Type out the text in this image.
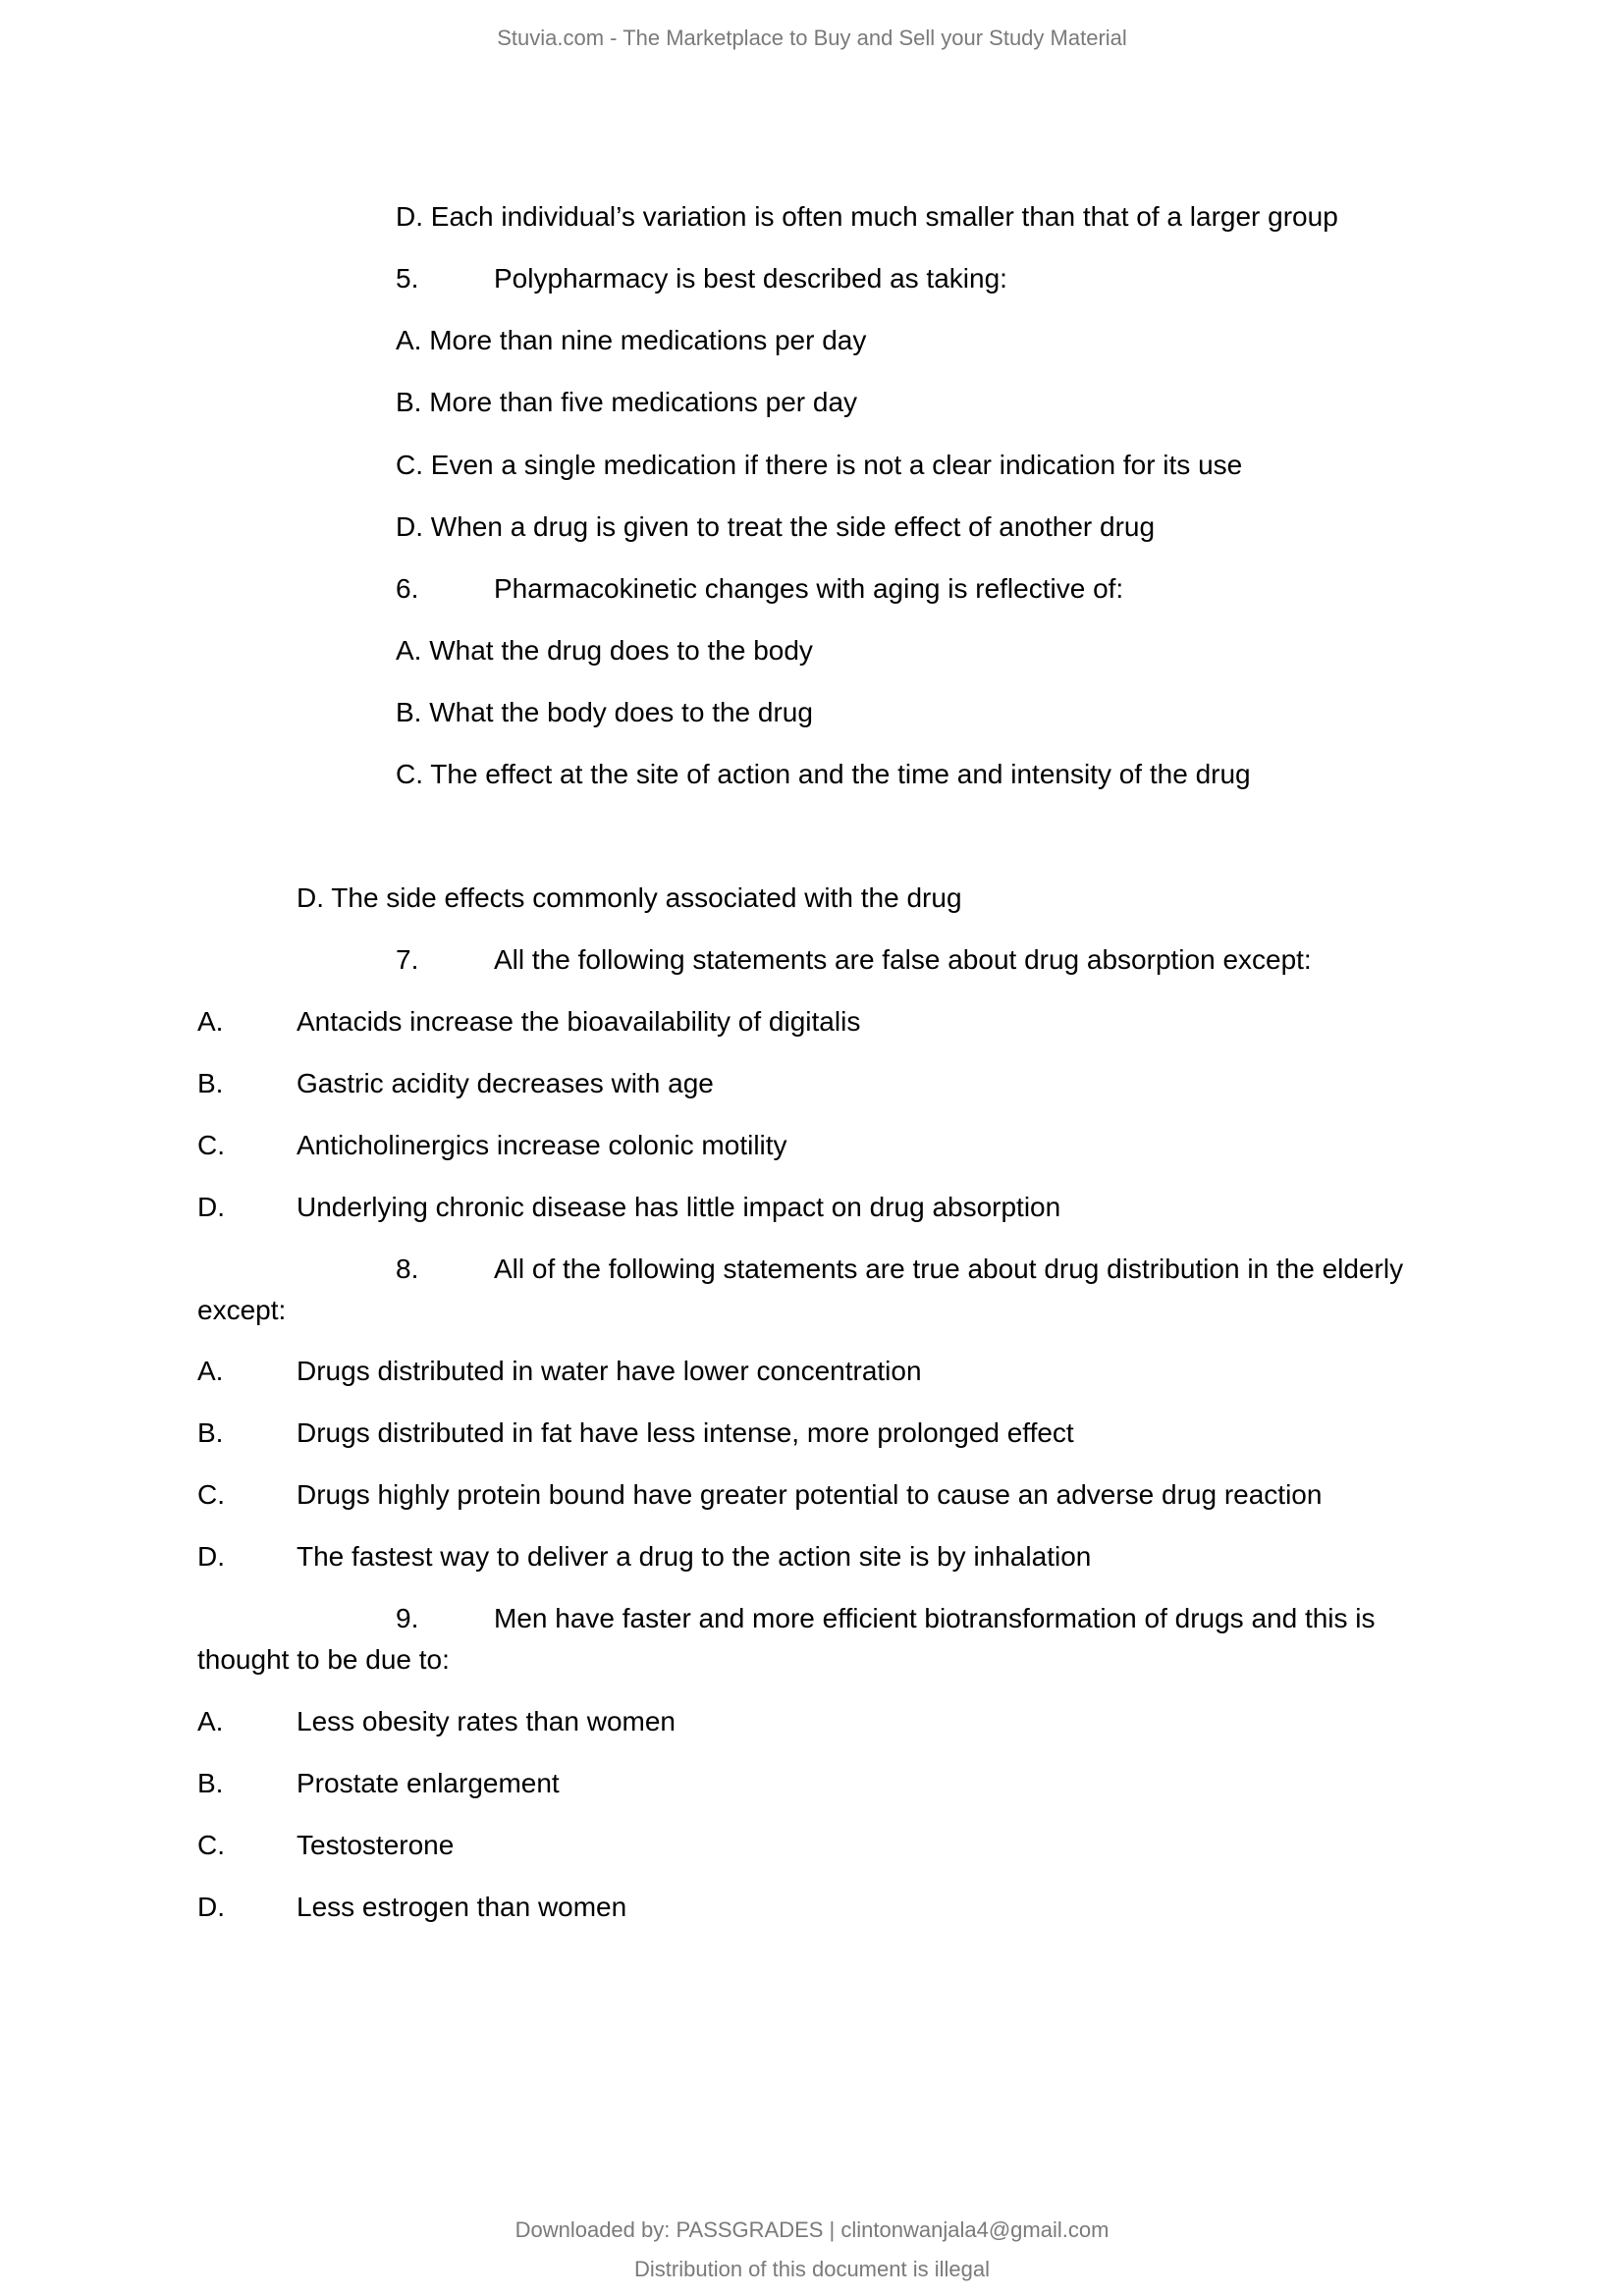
Stuvia.com - The Marketplace to Buy and Sell your Study Material
D. Each individual’s variation is often much smaller than that of a larger group
5.	Polypharmacy is best described as taking:
A. More than nine medications per day
B. More than five medications per day
C. Even a single medication if there is not a clear indication for its use
D. When a drug is given to treat the side effect of another drug
6.	Pharmacokinetic changes with aging is reflective of:
A. What the drug does to the body
B. What the body does to the drug
C. The effect at the site of action and the time and intensity of the drug
D. The side effects commonly associated with the drug
7.	All the following statements are false about drug absorption except:
A.	Antacids increase the bioavailability of digitalis
B.	Gastric acidity decreases with age
C.	Anticholinergics increase colonic motility
D.	Underlying chronic disease has little impact on drug absorption
8.	All of the following statements are true about drug distribution in the elderly
except:
A.	Drugs distributed in water have lower concentration
B.	Drugs distributed in fat have less intense, more prolonged effect
C.	Drugs highly protein bound have greater potential to cause an adverse drug reaction
D.	The fastest way to deliver a drug to the action site is by inhalation
9.	Men have faster and more efficient biotransformation of drugs and this is
thought to be due to:
A.	Less obesity rates than women
B.	Prostate enlargement
C.	Testosterone
D.	Less estrogen than women
Downloaded by: PASSGRADES | clintonwanjala4@gmail.com
Distribution of this document is illegal
